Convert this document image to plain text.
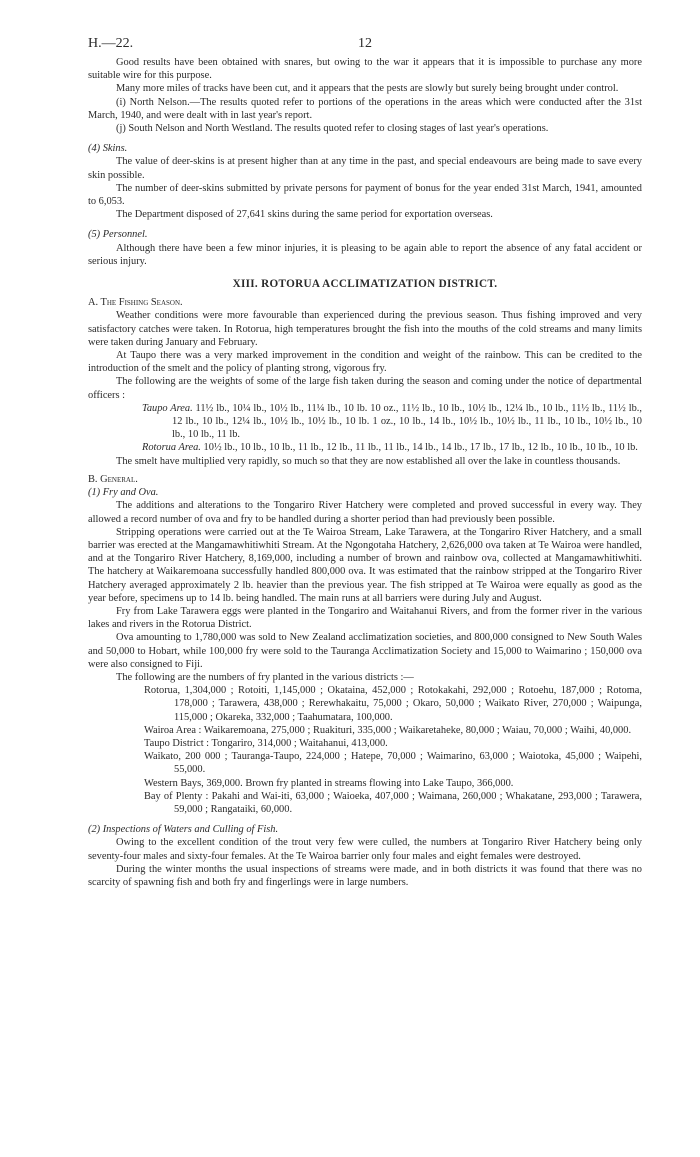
H.—22.	12

Good results have been obtained with snares, but owing to the war it appears that it is impossible to purchase any more suitable wire for this purpose.

Many more miles of tracks have been cut, and it appears that the pests are slowly but surely being brought under control.

(i) North Nelson.—The results quoted refer to portions of the operations in the areas which were conducted after the 31st March, 1940, and were dealt with in last year's report.

(j) South Nelson and North Westland. The results quoted refer to closing stages of last year's operations.

(4) Skins.

The value of deer-skins is at present higher than at any time in the past, and special endeavours are being made to save every skin possible.

The number of deer-skins submitted by private persons for payment of bonus for the year ended 31st March, 1941, amounted to 6,053.

The Department disposed of 27,641 skins during the same period for exportation overseas.

(5) Personnel.

Although there have been a few minor injuries, it is pleasing to be again able to report the absence of any fatal accident or serious injury.

XIII. ROTORUA ACCLIMATIZATION DISTRICT.

A. The Fishing Season.

Weather conditions were more favourable than experienced during the previous season. Thus fishing improved and very satisfactory catches were taken. In Rotorua, high temperatures brought the fish into the mouths of the cold streams and many limits were taken during January and February.

At Taupo there was a very marked improvement in the condition and weight of the rainbow. This can be credited to the introduction of the smelt and the policy of planting strong, vigorous fry.

The following are the weights of some of the large fish taken during the season and coming under the notice of departmental officers :

Taupo Area. 11½ lb., 10¼ lb., 10½ lb., 11¼ lb., 10 lb. 10 oz., 11½ lb., 10 lb., 10½ lb., 12¼ lb., 10 lb., 11½ lb., 11½ lb., 12 lb., 10 lb., 12¼ lb., 10½ lb., 10½ lb., 10 lb. 1 oz., 10 lb., 14 lb., 10½ lb., 10½ lb., 11 lb., 10 lb., 10½ lb., 10 lb., 10 lb., 11 lb.

Rotorua Area. 10½ lb., 10 lb., 10 lb., 11 lb., 12 lb., 11 lb., 11 lb., 14 lb., 14 lb., 17 lb., 17 lb., 12 lb., 10 lb., 10 lb., 10 lb.

The smelt have multiplied very rapidly, so much so that they are now established all over the lake in countless thousands.

B. General.

(1) Fry and Ova.

The additions and alterations to the Tongariro River Hatchery were completed and proved successful in every way. They allowed a record number of ova and fry to be handled during a shorter period than had previously been possible.

Stripping operations were carried out at the Te Wairoa Stream, Lake Tarawera, at the Tongariro River Hatchery, and a small barrier was erected at the Mangamawhitiwhiti Stream. At the Ngongotaha Hatchery, 2,626,000 ova taken at Te Wairoa were handled, and at the Tongariro River Hatchery, 8,169,000, including a number of brown and rainbow ova, collected at Mangamawhitiwhiti. The hatchery at Waikaremoana successfully handled 800,000 ova. It was estimated that the rainbow stripped at the Tongariro River Hatchery averaged approximately 2 lb. heavier than the previous year. The fish stripped at Te Wairoa were equally as good as the year before, specimens up to 14 lb. being handled. The main runs at all barriers were during July and August.

Fry from Lake Tarawera eggs were planted in the Tongariro and Waitahanui Rivers, and from the former river in the various lakes and rivers in the Rotorua District.

Ova amounting to 1,780,000 was sold to New Zealand acclimatization societies, and 800,000 consigned to New South Wales and 50,000 to Hobart, while 100,000 fry were sold to the Tauranga Acclimatization Society and 15,000 to Waimarino ; 150,000 ova were also consigned to Fiji.

The following are the numbers of fry planted in the various districts :—

Rotorua, 1,304,000 ; Rotoiti, 1,145,000 ; Okataina, 452,000 ; Rotokakahi, 292,000 ; Rotoehu, 187,000 ; Rotoma, 178,000 ; Tarawera, 438,000 ; Rerewhakaitu, 75,000 ; Okaro, 50,000 ; Waikato River, 270,000 ; Waipunga, 115,000 ; Okareka, 332,000 ; Taahumatara, 100,000.

Wairoa Area : Waikaremoana, 275,000 ; Ruakituri, 335,000 ; Waikaretaheke, 80,000 ; Waiau, 70,000 ; Waihi, 40,000.

Taupo District : Tongariro, 314,000 ; Waitahanui, 413,000.

Waikato, 200 000 ; Tauranga-Taupo, 224,000 ; Hatepe, 70,000 ; Waimarino, 63,000 ; Waiotoka, 45,000 ; Waipehi, 55,000.

Western Bays, 369,000. Brown fry planted in streams flowing into Lake Taupo, 366,000.

Bay of Plenty : Pakahi and Wai-iti, 63,000 ; Waioeka, 407,000 ; Waimana, 260,000 ; Whakatane, 293,000 ; Tarawera, 59,000 ; Rangataiki, 60,000.

(2) Inspections of Waters and Culling of Fish.

Owing to the excellent condition of the trout very few were culled, the numbers at Tongariro River Hatchery being only seventy-four males and sixty-four females. At the Te Wairoa barrier only four males and eight females were destroyed.

During the winter months the usual inspections of streams were made, and in both districts it was found that there was no scarcity of spawning fish and both fry and fingerlings were in large numbers.
